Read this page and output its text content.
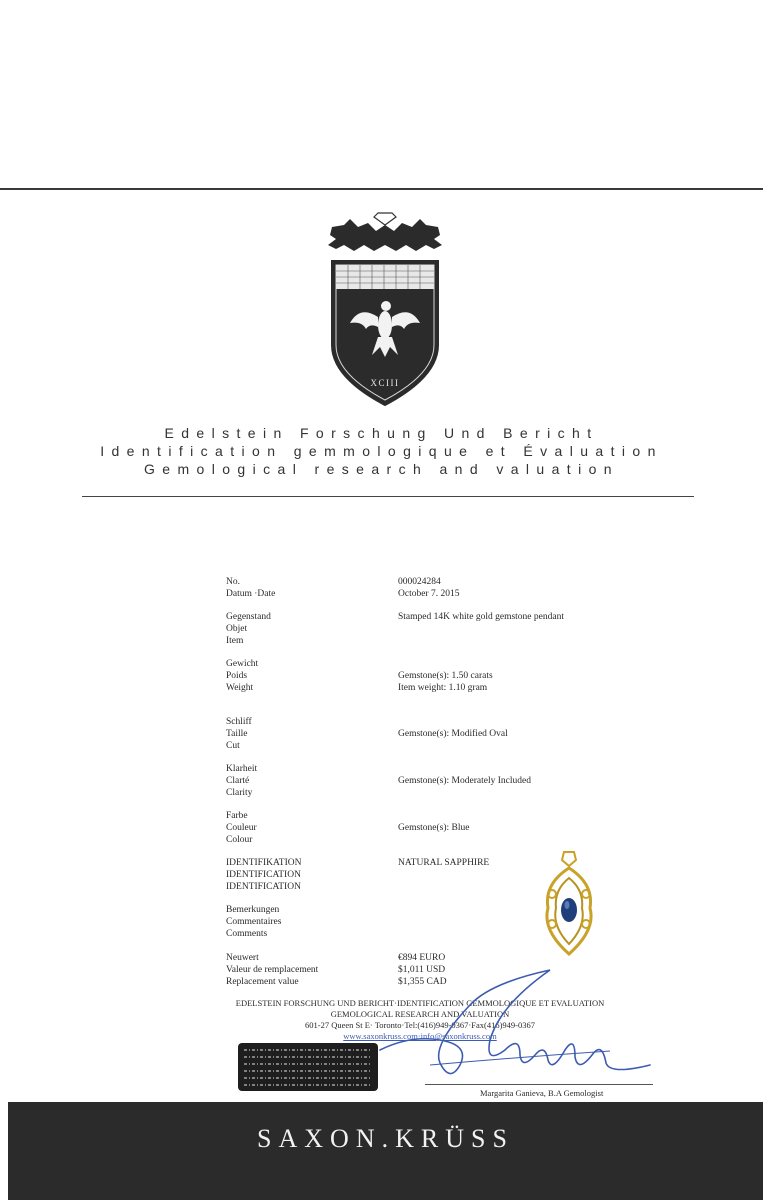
XCIII
Edelstein Forschung Und Bericht
Identification gemmologique et Évaluation
Gemological research and valuation
No.	000024284
Datum ·Date	October 7. 2015
Gegenstand
Objet
Item
Stamped 14K white gold gemstone pendant
Gewicht
Poids
Weight
Gemstone(s): 1.50 carats
Item weight: 1.10 gram
Schliff
Taille
Cut
Gemstone(s): Modified Oval
Klarheit
Clarté
Clarity
Gemstone(s): Moderately Included
Farbe
Couleur
Colour
Gemstone(s): Blue
IDENTIFIKATION
IDENTIFICATION
IDENTIFICATION
NATURAL SAPPHIRE
Bemerkungen
Commentaires
Comments
Neuwert
Valeur de remplacement
Replacement value
€894 EURO
$1,011 USD
$1,355 CAD
EDELSTEIN FORSCHUNG UND BERICHT·IDENTIFICATION GEMMOLOGIQUE ET EVALUATION
GEMOLOGICAL RESEARCH AND VALUATION
601-27 Queen St E· Toronto·Tel:(416)949-0367·Fax(416)949-0367
www.saxonkruss.com·info@saxonkruss.com
Margarita Ganieva, B.A Gemologist
SAXON.KRÜSS
